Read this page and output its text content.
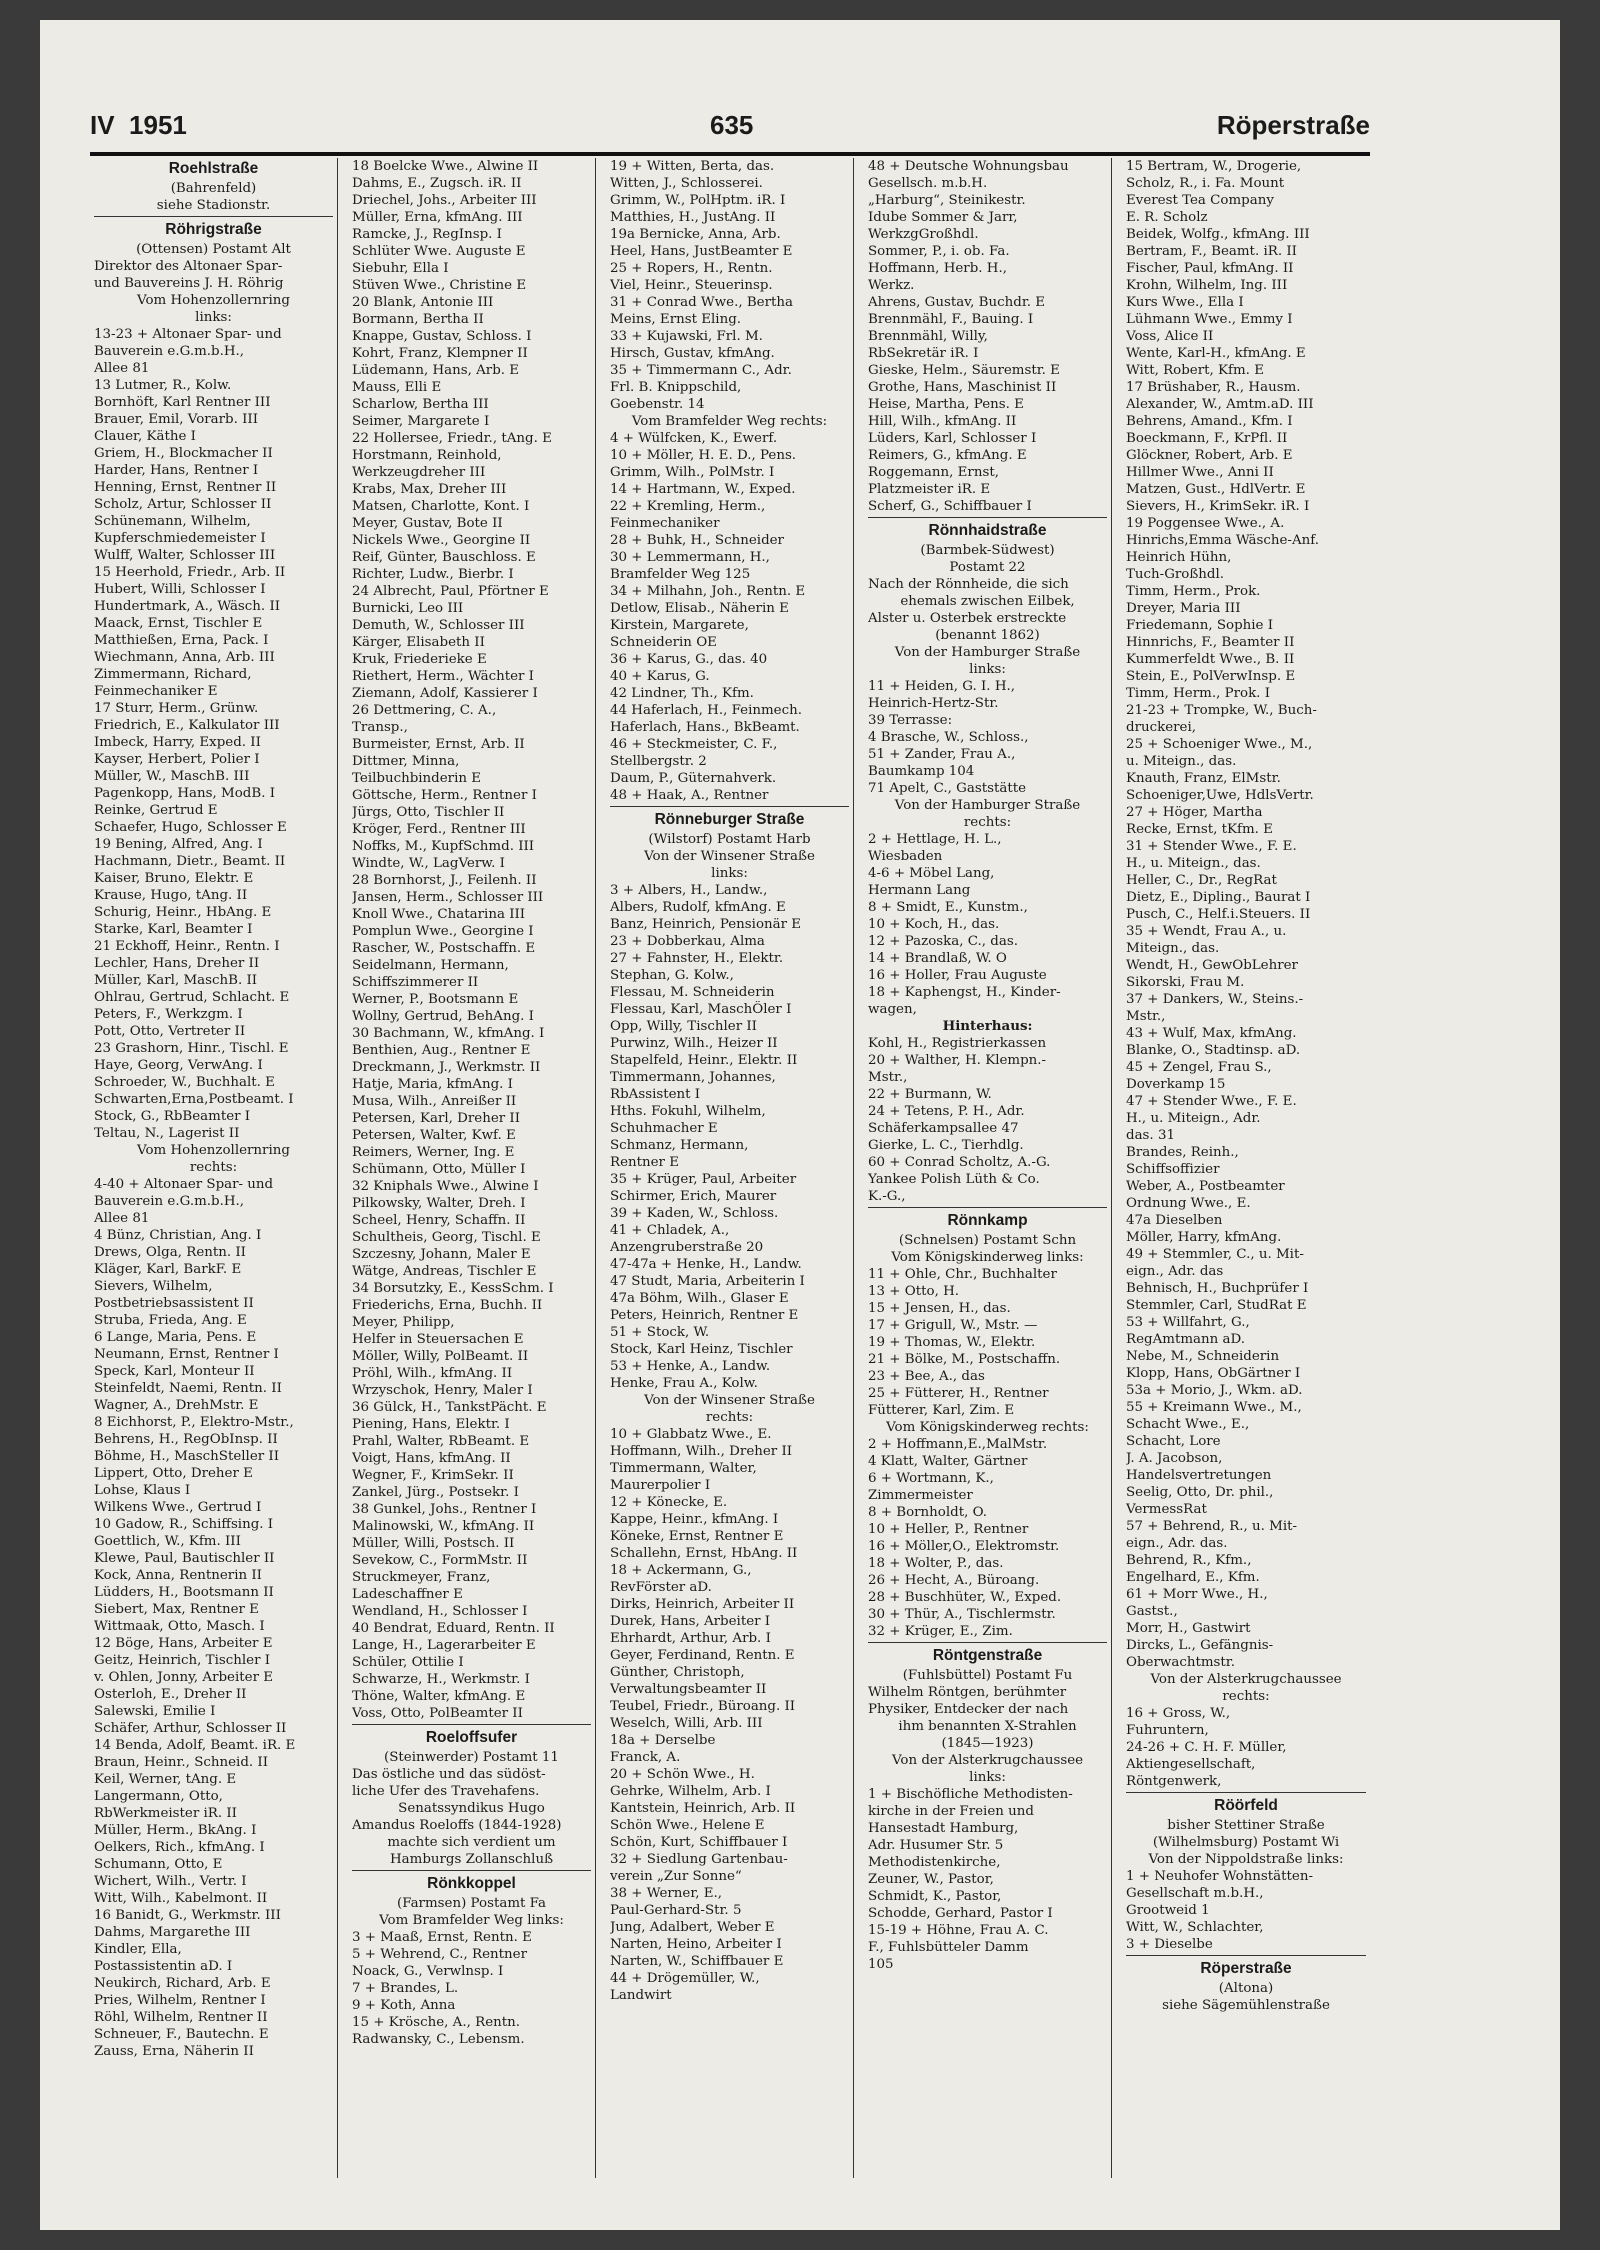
IV 1951	635	Röperstraße
Roehlstraße
(Bahrenfeld)
siehe Stadionstr.
Röhrigstraße
(Ottensen) Postamt Alt
Direktor des Altonaer Spar-
und Bauvereins J. H. Röhrig
Vom Hohenzollernring
links:
13-23 + Altonaer Spar- und
Bauverein e.G.m.b.H.,
Allee 81
13 Lutmer, R., Kolw.
Bornhöft, Karl Rentner III
Brauer, Emil, Vorarb. III
Clauer, Käthe I
Griem, H., Blockmacher II
Harder, Hans, Rentner I
Henning, Ernst, Rentner II
Scholz, Artur, Schlosser II
Schünemann, Wilhelm,
Kupferschmiedemeister I
Wulff, Walter, Schlosser III
15 Heerhold, Friedr., Arb. II
Hubert, Willi, Schlosser I
Hundertmark, A., Wäsch. II
Maack, Ernst, Tischler E
Matthießen, Erna, Pack. I
Wiechmann, Anna, Arb. III
Zimmermann, Richard,
Feinmechaniker E
17 Sturr, Herm., Grünw.
Friedrich, E., Kalkulator III
Imbeck, Harry, Exped. II
Kayser, Herbert, Polier I
Müller, W., MaschB. III
Pagenkopp, Hans, ModB. I
Reinke, Gertrud E
Schaefer, Hugo, Schlosser E
19 Bening, Alfred, Ang. I
Hachmann, Dietr., Beamt. II
Kaiser, Bruno, Elektr. E
Krause, Hugo, tAng. II
Schurig, Heinr., HbAng. E
Starke, Karl, Beamter I
21 Eckhoff, Heinr., Rentn. I
Lechler, Hans, Dreher II
Müller, Karl, MaschB. II
Ohlrau, Gertrud, Schlacht. E
Peters, F., Werkzgm. I
Pott, Otto, Vertreter II
23 Grashorn, Hinr., Tischl. E
Haye, Georg, VerwAng. I
Schroeder, W., Buchhalt. E
Schwarten,Erna,Postbeamt. I
Stock, G., RbBeamter I
Teltau, N., Lagerist II
Vom Hohenzollernring
rechts:
4-40 + Altonaer Spar- und
Bauverein e.G.m.b.H.,
Allee 81
4 Bünz, Christian, Ang. I
Drews, Olga, Rentn. II
Kläger, Karl, BarkF. E
Sievers, Wilhelm,
Postbetriebsassistent II
Struba, Frieda, Ang. E
6 Lange, Maria, Pens. E
Neumann, Ernst, Rentner I
Speck, Karl, Monteur II
Steinfeldt, Naemi, Rentn. II
Wagner, A., DrehMstr. E
8 Eichhorst, P., Elektro-Mstr.,
Behrens, H., RegObInsp. II
Böhme, H., MaschSteller II
Lippert, Otto, Dreher E
Lohse, Klaus I
Wilkens Wwe., Gertrud I
10 Gadow, R., Schiffsing. I
Goettlich, W., Kfm. III
Klewe, Paul, Bautischler II
Kock, Anna, Rentnerin II
Lüdders, H., Bootsmann II
Siebert, Max, Rentner E
Wittmaak, Otto, Masch. I
12 Böge, Hans, Arbeiter E
Geitz, Heinrich, Tischler I
v. Ohlen, Jonny, Arbeiter E
Osterloh, E., Dreher II
Salewski, Emilie I
Schäfer, Arthur, Schlosser II
14 Benda, Adolf, Beamt. iR. E
Braun, Heinr., Schneid. II
Keil, Werner, tAng. E
Langermann, Otto,
RbWerkmeister iR. II
Müller, Herm., BkAng. I
Oelkers, Rich., kfmAng. I
Schumann, Otto, E
Wichert, Wilh., Vertr. I
Witt, Wilh., Kabelmont. II
16 Banidt, G., Werkmstr. III
Dahms, Margarethe III
Kindler, Ella,
Postassistentin aD. I
Neukirch, Richard, Arb. E
Pries, Wilhelm, Rentner I
Röhl, Wilhelm, Rentner II
Schneuer, F., Bautechn. E
Zauss, Erna, Näherin II
18 Boelcke Wwe., Alwine II
Dahms, E., Zugsch. iR. II
Driechel, Johs., Arbeiter III
Müller, Erna, kfmAng. III
Ramcke, J., RegInsp. I
Schlüter Wwe. Auguste E
Siebuhr, Ella I
Stüven Wwe., Christine E
20 Blank, Antonie III
Bormann, Bertha II
Knappe, Gustav, Schloss. I
Kohrt, Franz, Klempner II
Lüdemann, Hans, Arb. E
Mauss, Elli E
Scharlow, Bertha III
Seimer, Margarete I
22 Hollersee, Friedr., tAng. E
Horstmann, Reinhold,
Werkzeugdreher III
Krabs, Max, Dreher III
Matsen, Charlotte, Kont. I
Meyer, Gustav, Bote II
Nickels Wwe., Georgine II
Reif, Günter, Bauschloss. E
Richter, Ludw., Bierbr. I
24 Albrecht, Paul, Pförtner E
Burnicki, Leo III
Demuth, W., Schlosser III
Kärger, Elisabeth II
Kruk, Friederieke E
Riethert, Herm., Wächter I
Ziemann, Adolf, Kassierer I
26 Dettmering, C. A.,
Transp.,
Burmeister, Ernst, Arb. II
Dittmer, Minna,
Teilbuchbinderin E
Göttsche, Herm., Rentner I
Jürgs, Otto, Tischler II
Kröger, Ferd., Rentner III
Noffks, M., KupfSchmd. III
Windte, W., LagVerw. I
28 Bornhorst, J., Feilenh. II
Jansen, Herm., Schlosser III
Knoll Wwe., Chatarina III
Pomplun Wwe., Georgine I
Rascher, W., Postschaffn. E
Seidelmann, Hermann,
Schiffszimmerer II
Werner, P., Bootsmann E
Wollny, Gertrud, BehAng. I
30 Bachmann, W., kfmAng. I
Benthien, Aug., Rentner E
Dreckmann, J., Werkmstr. II
Hatje, Maria, kfmAng. I
Musa, Wilh., Anreißer II
Petersen, Karl, Dreher II
Petersen, Walter, Kwf. E
Reimers, Werner, Ing. E
Schümann, Otto, Müller I
32 Kniphals Wwe., Alwine I
Pilkowsky, Walter, Dreh. I
Scheel, Henry, Schaffn. II
Schultheis, Georg, Tischl. E
Szczesny, Johann, Maler E
Wätge, Andreas, Tischler E
34 Borsutzky, E., KessSchm. I
Friederichs, Erna, Buchh. II
Meyer, Philipp,
Helfer in Steuersachen E
Möller, Willy, PolBeamt. II
Pröhl, Wilh., kfmAng. II
Wrzyschok, Henry, Maler I
36 Gülck, H., TankstPächt. E
Piening, Hans, Elektr. I
Prahl, Walter, RbBeamt. E
Voigt, Hans, kfmAng. II
Wegner, F., KrimSekr. II
Zankel, Jürg., Postsekr. I
38 Gunkel, Johs., Rentner I
Malinowski, W., kfmAng. II
Müller, Willi, Postsch. II
Sevekow, C., FormMstr. II
Struckmeyer, Franz,
Ladeschaffner E
Wendland, H., Schlosser I
40 Bendrat, Eduard, Rentn. II
Lange, H., Lagerarbeiter E
Schüler, Ottilie I
Schwarze, H., Werkmstr. I
Thöne, Walter, kfmAng. E
Voss, Otto, PolBeamter II
Roeloffsufer
(Steinwerder) Postamt 11
Das östliche und das südöst-
liche Ufer des Travehafens.
Senatssyndikus Hugo
Amandus Roeloffs (1844-1928)
machte sich verdient um
Hamburgs Zollanschluß
Rönkkoppel
(Farmsen) Postamt Fa
Vom Bramfelder Weg links:
3 + Maaß, Ernst, Rentn. E
5 + Wehrend, C., Rentner
Noack, G., Verwlnsp. I
7 + Brandes, L.
9 + Koth, Anna
15 + Krösche, A., Rentn.
Radwansky, C., Lebensm.
19 + Witten, Berta, das.
Witten, J., Schlosserei.
Grimm, W., PolHptm. iR. I
Matthies, H., JustAng. II
19a Bernicke, Anna, Arb.
Heel, Hans, JustBeamter E
25 + Ropers, H., Rentn.
Viel, Heinr., Steuerinsp.
31 + Conrad Wwe., Bertha
Meins, Ernst Eling.
33 + Kujawski, Frl. M.
Hirsch, Gustav, kfmAng.
35 + Timmermann C., Adr.
Frl. B. Knippschild,
Goebenstr. 14
Vom Bramfelder Weg rechts:
4 + Wülfcken, K., Ewerf.
10 + Möller, H. E. D., Pens.
Grimm, Wilh., PolMstr. I
14 + Hartmann, W., Exped.
22 + Kremling, Herm.,
Feinmechaniker
28 + Buhk, H., Schneider
30 + Lemmermann, H.,
Bramfelder Weg 125
34 + Milhahn, Joh., Rentn. E
Detlow, Elisab., Näherin E
Kirstein, Margarete,
Schneiderin OE
36 + Karus, G., das. 40
40 + Karus, G.
42 Lindner, Th., Kfm.
44 Haferlach, H., Feinmech.
Haferlach, Hans., BkBeamt.
46 + Steckmeister, C. F.,
Stellbergstr. 2
Daum, P., Güternahverk.
48 + Haak, A., Rentner
Rönneburger Straße
(Wilstorf) Postamt Harb
Von der Winsener Straße
links:
3 + Albers, H., Landw.,
Albers, Rudolf, kfmAng. E
Banz, Heinrich, Pensionär E
23 + Dobberkau, Alma
27 + Fahnster, H., Elektr.
Stephan, G. Kolw.,
Flessau, M. Schneiderin
Flessau, Karl, MaschÖler I
Opp, Willy, Tischler II
Purwinz, Wilh., Heizer II
Stapelfeld, Heinr., Elektr. II
Timmermann, Johannes,
RbAssistent I
Hths. Fokuhl, Wilhelm,
Schuhmacher E
Schmanz, Hermann,
Rentner E
35 + Krüger, Paul, Arbeiter
Schirmer, Erich, Maurer
39 + Kaden, W., Schloss.
41 + Chladek, A.,
Anzengruberstraße 20
47-47a + Henke, H., Landw.
47 Studt, Maria, Arbeiterin I
47a Böhm, Wilh., Glaser E
Peters, Heinrich, Rentner E
51 + Stock, W.
Stock, Karl Heinz, Tischler
53 + Henke, A., Landw.
Henke, Frau A., Kolw.
Von der Winsener Straße
rechts:
10 + Glabbatz Wwe., E.
Hoffmann, Wilh., Dreher II
Timmermann, Walter,
Maurerpolier I
12 + Könecke, E.
Kappe, Heinr., kfmAng. I
Köneke, Ernst, Rentner E
Schallehn, Ernst, HbAng. II
18 + Ackermann, G.,
RevFörster aD.
Dirks, Heinrich, Arbeiter II
Durek, Hans, Arbeiter I
Ehrhardt, Arthur, Arb. I
Geyer, Ferdinand, Rentn. E
Günther, Christoph,
Verwaltungsbeamter II
Teubel, Friedr., Büroang. II
Weselch, Willi, Arb. III
18a + Derselbe
Franck, A.
20 + Schön Wwe., H.
Gehrke, Wilhelm, Arb. I
Kantstein, Heinrich, Arb. II
Schön Wwe., Helene E
Schön, Kurt, Schiffbauer I
32 + Siedlung Gartenbau-
verein „Zur Sonne“
38 + Werner, E.,
Paul-Gerhard-Str. 5
Jung, Adalbert, Weber E
Narten, Heino, Arbeiter I
Narten, W., Schiffbauer E
44 + Drögemüller, W.,
Landwirt
48 + Deutsche Wohnungsbau
Gesellsch. m.b.H.
„Harburg“, Steinikestr.
Idube Sommer & Jarr,
WerkzgGroßhdl.
Sommer, P., i. ob. Fa.
Hoffmann, Herb. H.,
Werkz.
Ahrens, Gustav, Buchdr. E
Brennmähl, F., Bauing. I
Brennmähl, Willy,
RbSekretär iR. I
Gieske, Helm., Säuremstr. E
Grothe, Hans, Maschinist II
Heise, Martha, Pens. E
Hill, Wilh., kfmAng. II
Lüders, Karl, Schlosser I
Reimers, G., kfmAng. E
Roggemann, Ernst,
Platzmeister iR. E
Scherf, G., Schiffbauer I
Rönnhaidstraße
(Barmbek-Südwest)
Postamt 22
Nach der Rönnheide, die sich
ehemals zwischen Eilbek,
Alster u. Osterbek erstreckte
(benannt 1862)
Von der Hamburger Straße
links:
11 + Heiden, G. I. H.,
Heinrich-Hertz-Str.
39 Terrasse:
4 Brasche, W., Schloss.,
51 + Zander, Frau A.,
Baumkamp 104
71 Apelt, C., Gaststätte
Von der Hamburger Straße
rechts:
2 + Hettlage, H. L.,
Wiesbaden
4-6 + Möbel Lang,
Hermann Lang
8 + Smidt, E., Kunstm.,
10 + Koch, H., das.
12 + Pazoska, C., das.
14 + Brandlaß, W. O
16 + Holler, Frau Auguste
18 + Kaphengst, H., Kinder-
wagen,
Hinterhaus:
Kohl, H., Registrierkassen
20 + Walther, H. Klempn.-
Mstr.,
22 + Burmann, W.
24 + Tetens, P. H., Adr.
Schäferkampsallee 47
Gierke, L. C., Tierhdlg.
60 + Conrad Scholtz, A.-G.
Yankee Polish Lüth & Co.
K.-G.,
Rönnkamp
(Schnelsen) Postamt Schn
Vom Königskinderweg links:
11 + Ohle, Chr., Buchhalter
13 + Otto, H.
15 + Jensen, H., das.
17 + Grigull, W., Mstr. —
19 + Thomas, W., Elektr.
21 + Bölke, M., Postschaffn.
23 + Bee, A., das
25 + Fütterer, H., Rentner
Fütterer, Karl, Zim. E
Vom Königskinderweg rechts:
2 + Hoffmann,E.,MalMstr.
4 Klatt, Walter, Gärtner
6 + Wortmann, K.,
Zimmermeister
8 + Bornholdt, O.
10 + Heller, P., Rentner
16 + Möller,O., Elektromstr.
18 + Wolter, P., das.
26 + Hecht, A., Büroang.
28 + Buschhüter, W., Exped.
30 + Thür, A., Tischlermstr.
32 + Krüger, E., Zim.
Röntgenstraße
(Fuhlsbüttel) Postamt Fu
Wilhelm Röntgen, berühmter
Physiker, Entdecker der nach
ihm benannten X-Strahlen
(1845—1923)
Von der Alsterkrugchaussee
links:
1 + Bischöfliche Methodisten-
kirche in der Freien und
Hansestadt Hamburg,
Adr. Husumer Str. 5
Methodistenkirche,
Zeuner, W., Pastor,
Schmidt, K., Pastor,
Schodde, Gerhard, Pastor I
15-19 + Höhne, Frau A. C.
F., Fuhlsbütteler Damm
105
15 Bertram, W., Drogerie,
Scholz, R., i. Fa. Mount
Everest Tea Company
E. R. Scholz
Beidek, Wolfg., kfmAng. III
Bertram, F., Beamt. iR. II
Fischer, Paul, kfmAng. II
Krohn, Wilhelm, Ing. III
Kurs Wwe., Ella I
Lühmann Wwe., Emmy I
Voss, Alice II
Wente, Karl-H., kfmAng. E
Witt, Robert, Kfm. E
17 Brüshaber, R., Hausm.
Alexander, W., Amtm.aD. III
Behrens, Amand., Kfm. I
Boeckmann, F., KrPfl. II
Glöckner, Robert, Arb. E
Hillmer Wwe., Anni II
Matzen, Gust., HdlVertr. E
Sievers, H., KrimSekr. iR. I
19 Poggensee Wwe., A.
Hinrichs,Emma Wäsche-Anf.
Heinrich Hühn,
Tuch-Großhdl.
Timm, Herm., Prok.
Dreyer, Maria III
Friedemann, Sophie I
Hinnrichs, F., Beamter II
Kummerfeldt Wwe., B. II
Stein, E., PolVerwInsp. E
Timm, Herm., Prok. I
21-23 + Trompke, W., Buch-
druckerei,
25 + Schoeniger Wwe., M.,
u. Miteign., das.
Knauth, Franz, ElMstr.
Schoeniger,Uwe, HdlsVertr.
27 + Höger, Martha
Recke, Ernst, tKfm. E
31 + Stender Wwe., F. E.
H., u. Miteign., das.
Heller, C., Dr., RegRat
Dietz, E., Dipling., Baurat I
Pusch, C., Helf.i.Steuers. II
35 + Wendt, Frau A., u.
Miteign., das.
Wendt, H., GewObLehrer
Sikorski, Frau M.
37 + Dankers, W., Steins.-
Mstr.,
43 + Wulf, Max, kfmAng.
Blanke, O., Stadtinsp. aD.
45 + Zengel, Frau S.,
Doverkamp 15
47 + Stender Wwe., F. E.
H., u. Miteign., Adr.
das. 31
Brandes, Reinh.,
Schiffsoffizier
Weber, A., Postbeamter
Ordnung Wwe., E.
47a Dieselben
Möller, Harry, kfmAng.
49 + Stemmler, C., u. Mit-
eign., Adr. das
Behnisch, H., Buchprüfer I
Stemmler, Carl, StudRat E
53 + Willfahrt, G.,
RegAmtmann aD.
Nebe, M., Schneiderin
Klopp, Hans, ObGärtner I
53a + Morio, J., Wkm. aD.
55 + Kreimann Wwe., M.,
Schacht Wwe., E.,
Schacht, Lore
J. A. Jacobson,
Handelsvertretungen
Seelig, Otto, Dr. phil.,
VermessRat
57 + Behrend, R., u. Mit-
eign., Adr. das.
Behrend, R., Kfm.,
Engelhard, E., Kfm.
61 + Morr Wwe., H.,
Gastst.,
Morr, H., Gastwirt
Dircks, L., Gefängnis-
Oberwachtmstr.
Von der Alsterkrugchaussee
rechts:
16 + Gross, W.,
Fuhruntern,
24-26 + C. H. F. Müller,
Aktiengesellschaft,
Röntgenwerk,
Röörfeld
bisher Stettiner Straße
(Wilhelmsburg) Postamt Wi
Von der Nippoldstraße links:
1 + Neuhofer Wohnstätten-
Gesellschaft m.b.H.,
Grootweid 1
Witt, W., Schlachter,
3 + Dieselbe
Röperstraße
(Altona)
siehe Sägemühlenstraße
